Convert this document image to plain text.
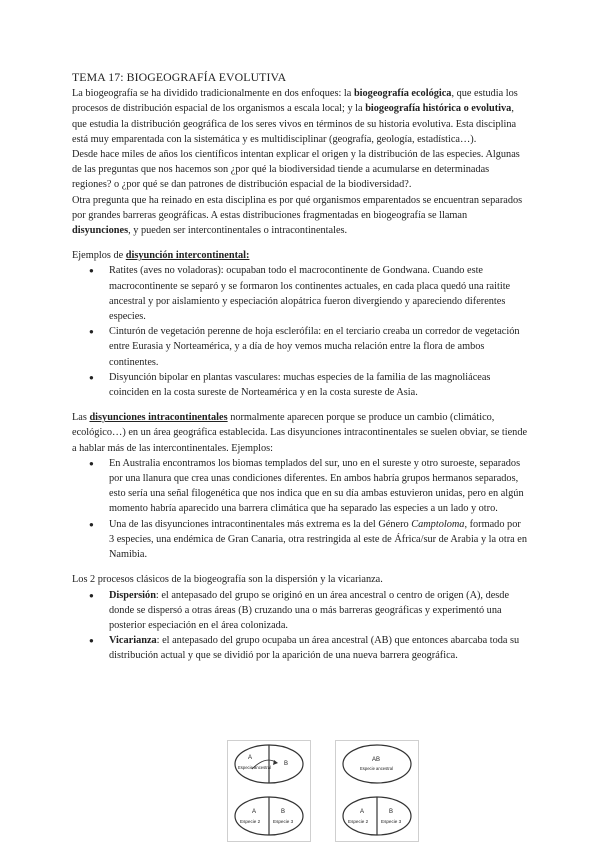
TEMA 17: BIOGEOGRAFÍA EVOLUTIVA

La biogeografía se ha dividido tradicionalmente en dos enfoques: la biogeografía ecológica, que estudia los procesos de distribución espacial de los organismos a escala local; y la biogeografía histórica o evolutiva, que estudia la distribución geográfica de los seres vivos en términos de su historia evolutiva. Esta disciplina está muy emparentada con la sistemática y es multidisciplinar (geografía, geología, estadística…).

Desde hace miles de años los científicos intentan explicar el origen y la distribución de las especies. Algunas de las preguntas que nos hacemos son ¿por qué la biodiversidad tiende a acumularse en determinadas regiones? o ¿por qué se dan patrones de distribución espacial de la biodiversidad?.

Otra pregunta que ha reinado en esta disciplina es por qué organismos emparentados se encuentran separados por grandes barreras geográficas. A estas distribuciones fragmentadas en biogeografía se llaman disyunciones, y pueden ser intercontinentales o intracontinentales.

Ejemplos de disyunción intercontinental:

● Ratites (aves no voladoras): ocupaban todo el macrocontinente de Gondwana. Cuando este macrocontinente se separó y se formaron los continentes actuales, en cada placa quedó una raitite ancestral y por aislamiento y especiación alopátrica fueron divergiendo y apareciendo diferentes especies.
● Cinturón de vegetación perenne de hoja esclerófila: en el terciario creaba un corredor de vegetación entre Eurasia y Norteamérica, y a día de hoy vemos mucha relación entre la flora de ambos continentes.
● Disyunción bipolar en plantas vasculares: muchas especies de la familia de las magnoliáceas coinciden en la costa sureste de Norteamérica y en la costa sureste de Asia.

Las disyunciones intracontinentales normalmente aparecen porque se produce un cambio (climático, ecológico…) en un área geográfica establecida. Las disyunciones intracontinentales se suelen obviar, se tiende a hablar más de las intercontinentales. Ejemplos:

● En Australia encontramos los biomas templados del sur, uno en el sureste y otro suroeste, separados por una llanura que crea unas condiciones diferentes. En ambos habría grupos hermanos separados, esto sería una señal filogenética que nos indica que en su día ambas estuvieron unidas, pero en algún momento habría aparecido una barrera climática que ha separado las especies a un lado y otro.
● Una de las disyunciones intracontinentales más extrema es la del Género Camptoloma, formado por 3 especies, una endémica de Gran Canaria, otra restringida al este de África/sur de Arabia y la otra en Namibia.

Los 2 procesos clásicos de la biogeografía son la dispersión y la vicarianza.

● Dispersión: el antepasado del grupo se originó en un área ancestral o centro de origen (A), desde donde se dispersó a otras áreas (B) cruzando una o más barreras geográficas y experimentó una posterior especiación en el área colonizada.
● Vicarianza: el antepasado del grupo ocupaba un área ancestral (AB) que entonces abarcaba toda su distribución actual y que se dividió por la aparición de una nueva barrera geográfica.
A
B
Especie ancestral
A	B
Especie 2	Especie 3
AB
Especie ancestral
A	B
Especie 2	Especie 3
